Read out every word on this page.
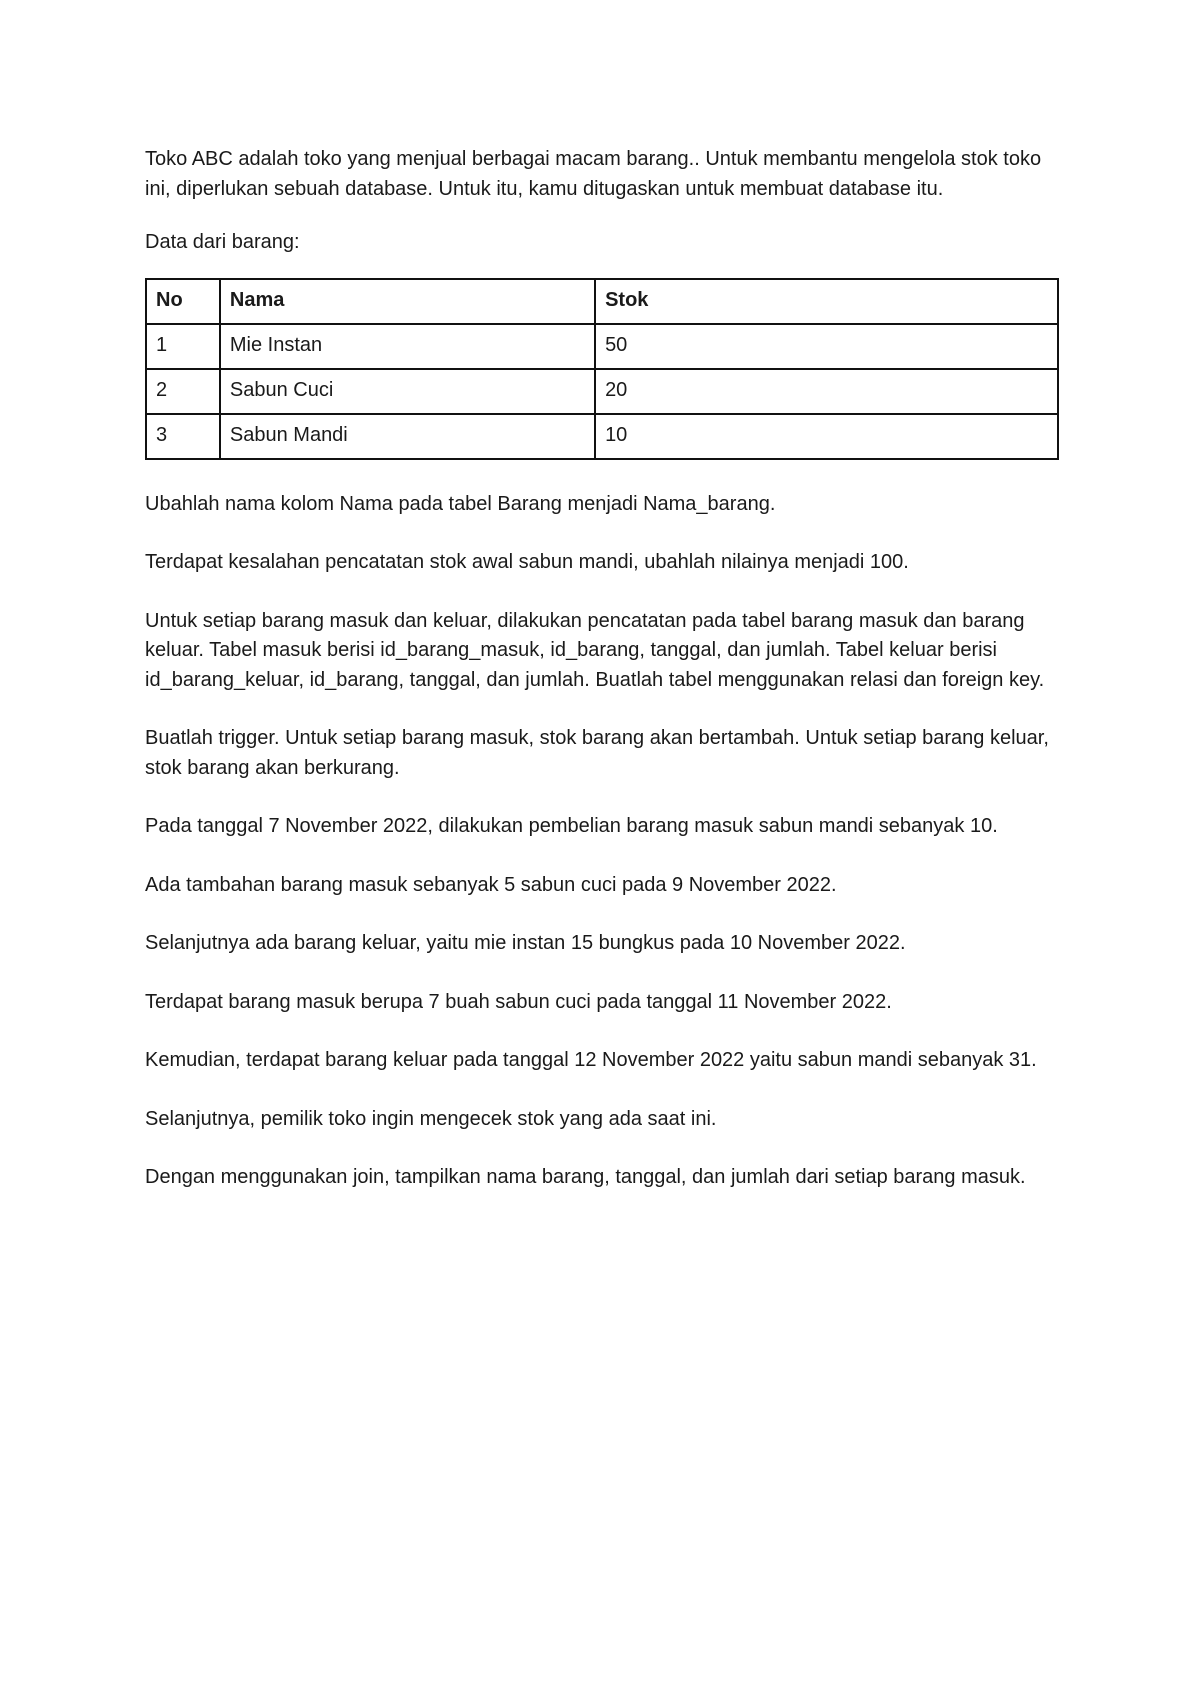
Toko ABC adalah toko yang menjual berbagai macam barang.. Untuk membantu mengelola stok toko ini, diperlukan sebuah database. Untuk itu, kamu ditugaskan untuk membuat database itu.

Data dari barang:

No	Nama	Stok
1	Mie Instan	50
2	Sabun Cuci	20
3	Sabun Mandi	10

Ubahlah nama kolom Nama pada tabel Barang menjadi Nama_barang.

Terdapat kesalahan pencatatan stok awal sabun mandi, ubahlah nilainya menjadi 100.

Untuk setiap barang masuk dan keluar, dilakukan pencatatan pada tabel barang masuk dan barang keluar. Tabel masuk berisi id_barang_masuk, id_barang, tanggal, dan jumlah. Tabel keluar berisi id_barang_keluar, id_barang, tanggal, dan jumlah. Buatlah tabel menggunakan relasi dan foreign key.

Buatlah trigger. Untuk setiap barang masuk, stok barang akan bertambah. Untuk setiap barang keluar, stok barang akan berkurang.

Pada tanggal 7 November 2022, dilakukan pembelian barang masuk sabun mandi sebanyak 10.

Ada tambahan barang masuk sebanyak 5 sabun cuci pada 9 November 2022.

Selanjutnya ada barang keluar, yaitu mie instan 15 bungkus pada 10 November 2022.

Terdapat barang masuk berupa 7 buah sabun cuci pada tanggal 11 November 2022.

Kemudian, terdapat barang keluar pada tanggal 12 November 2022 yaitu sabun mandi sebanyak 31.

Selanjutnya, pemilik toko ingin mengecek stok yang ada saat ini.

Dengan menggunakan join, tampilkan nama barang, tanggal, dan jumlah dari setiap barang masuk.
